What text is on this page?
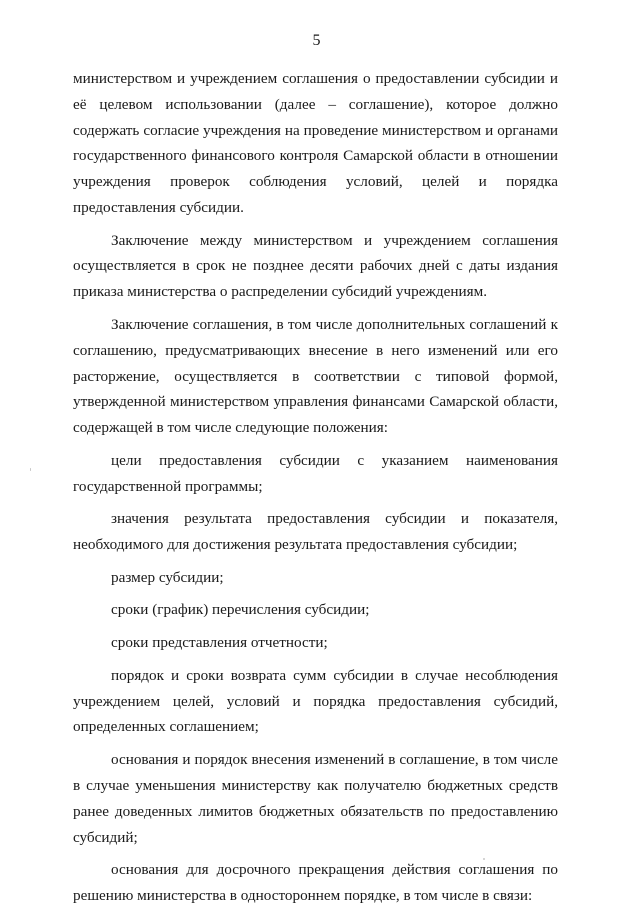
5

министерством и учреждением соглашения о предоставлении субсидии и её целевом использовании (далее – соглашение), которое должно содержать согласие учреждения на проведение министерством и органами государственного финансового контроля Самарской области в отношении учреждения проверок соблюдения условий, целей и порядка предоставления субсидии.

Заключение между министерством и учреждением соглашения осуществляется в срок не позднее десяти рабочих дней с даты издания приказа министерства о распределении субсидий учреждениям.

Заключение соглашения, в том числе дополнительных соглашений к соглашению, предусматривающих внесение в него изменений или его расторжение, осуществляется в соответствии с типовой формой, утвержденной министерством управления финансами Самарской области, содержащей в том числе следующие положения:

цели предоставления субсидии с указанием наименования государственной программы;

значения результата предоставления субсидии и показателя, необходимого для достижения результата предоставления субсидии;

размер субсидии;

сроки (график) перечисления субсидии;

сроки представления отчетности;

порядок и сроки возврата сумм субсидии в случае несоблюдения учреждением целей, условий и порядка предоставления субсидий, определенных соглашением;

основания и порядок внесения изменений в соглашение, в том числе в случае уменьшения министерству как получателю бюджетных средств ранее доведенных лимитов бюджетных обязательств по предоставлению субсидий;

основания для досрочного прекращения действия соглашения по решению министерства в одностороннем порядке, в том числе в связи:
